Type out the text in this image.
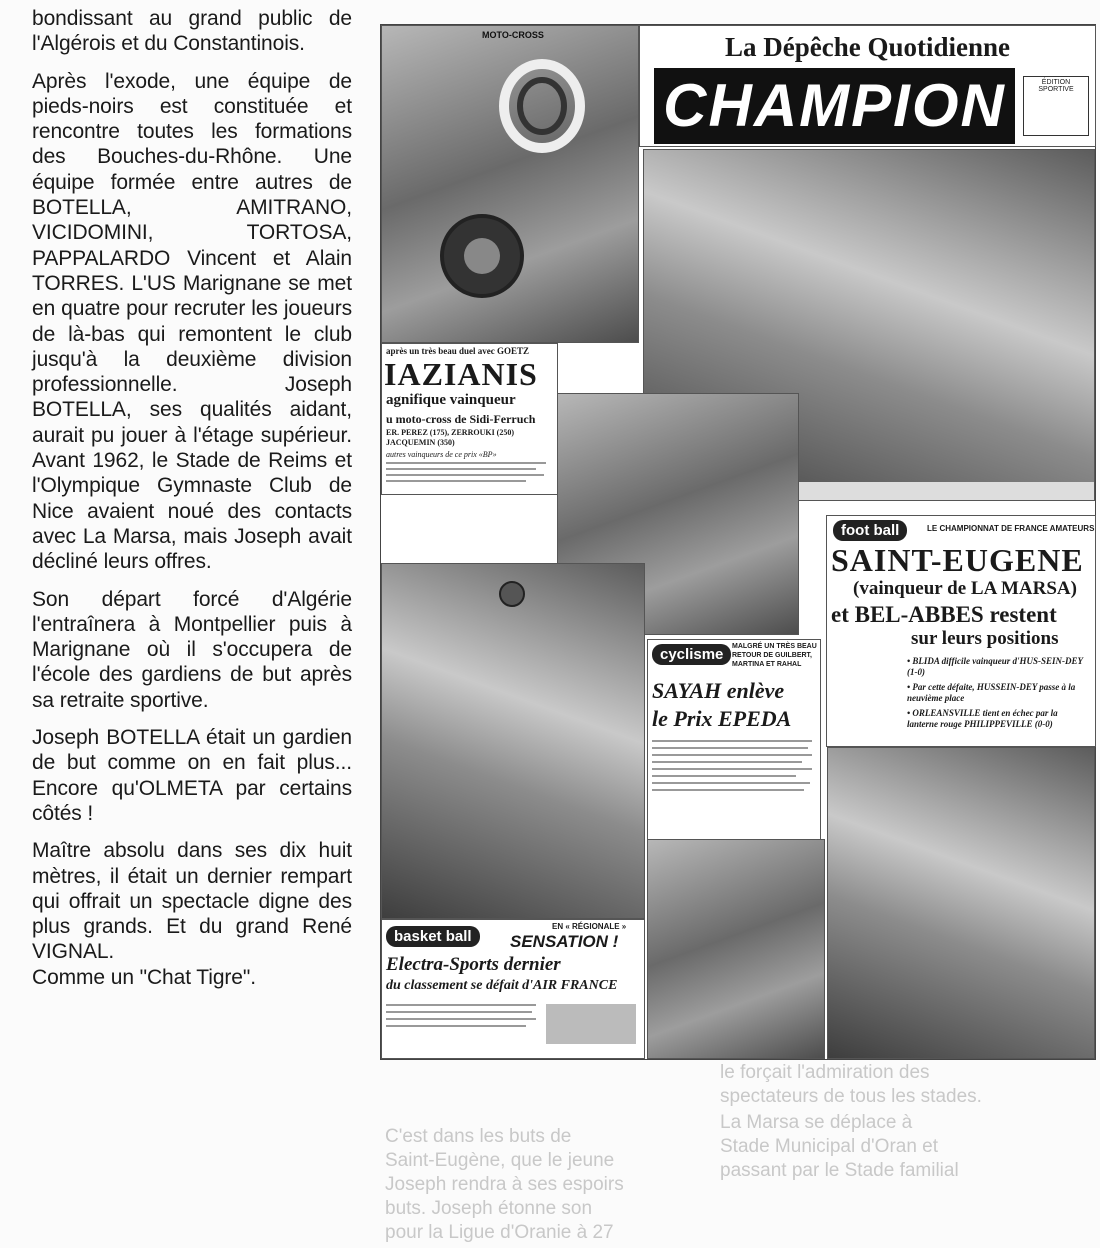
bondissant au grand public de l'Algérois et du Constantinois.

Après l'exode, une équipe de pieds-noirs est constituée et rencontre toutes les formations des Bouches-du-Rhône. Une équipe formée entre autres de BOTELLA, AMITRANO, VICIDOMINI, TORTOSA, PAPPALARDO Vincent et Alain TORRES. L'US Marignane se met en quatre pour recruter les joueurs de là-bas qui remontent le club jusqu'à la deuxième division professionnelle. Joseph BOTELLA, ses qualités aidant, aurait pu jouer à l'étage supérieur. Avant 1962, le Stade de Reims et l'Olympique Gymnaste Club de Nice avaient noué des contacts avec La Marsa, mais Joseph avait décliné leurs offres.

Son départ forcé d'Algérie l'entraînera à Montpellier puis à Marignane où il s'occupera de l'école des gardiens de but après sa retraite sportive.

Joseph BOTELLA était un gardien de but comme on en fait plus... Encore qu'OLMETA par certains côtés !

Maître absolu dans ses dix huit mètres, il était un dernier rempart qui offrait un spectacle digne des plus grands. Et du grand René VIGNAL.

Comme un "Chat Tigre".

le forçait l'admiration des
spectateurs de tous les stades.
La Marsa se déplace à
Stade Municipal d'Oran et
passant par le Stade familial
C'est dans les buts de
Saint-Eugène, que le jeune
Joseph rendra à ses espoirs
buts. Joseph étonne son
pour la Ligue d'Oranie à 27
MOTO-CROSS	La Dépêche Quotidienne
CHAMPION	ÉDITION SPORTIVE
après un très beau duel avec GOETZ
IAZIANIS
agnifique vainqueur
u moto-cross de Sidi-Ferruch
ER. PEREZ (175), ZERROUKI (250) JACQUEMIN (350)
autres vainqueurs de ce prix «BP»
foot ball	LE CHAMPIONNAT DE FRANCE AMATEURS
SAINT-EUGENE
(vainqueur de LA MARSA)
et BEL-ABBES restent
sur leurs positions
• BLIDA difficile vainqueur d'HUS-SEIN-DEY (1-0)
• Par cette défaite, HUSSEIN-DEY passe à la neuvième place
• ORLEANSVILLE tient en échec par la lanterne rouge PHILIPPEVILLE (0-0)
cyclisme	MALGRÉ UN TRÈS BEAU RETOUR DE GUILBERT, MARTINA ET RAHAL
SAYAH enlève
le Prix EPEDA
basket ball
EN « RÉGIONALE »
SENSATION !
Electra-Sports dernier
du classement se défait d'AIR FRANCE
